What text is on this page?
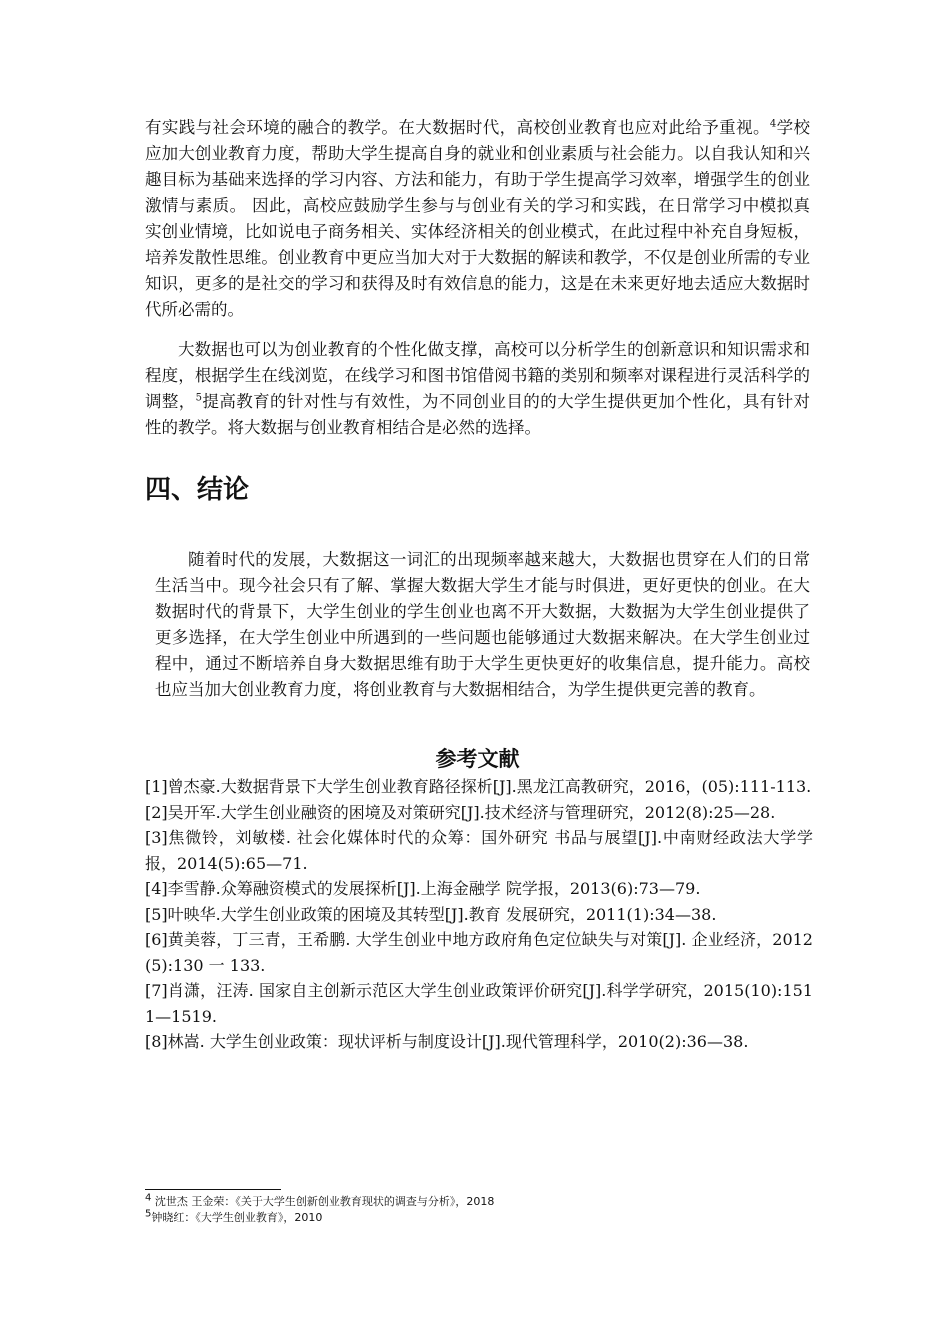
有实践与社会环境的融合的教学。在大数据时代，高校创业教育也应对此给予重视。$^4$学校应加大创业教育力度，帮助大学生提高自身的就业和创业素质与社会能力。以自我认知和兴趣目标为基础来选择的学习内容、方法和能力，有助于学生提高学习效率，增强学生的创业激情与素质。 因此，高校应鼓励学生参与与创业有关的学习和实践，在日常学习中模拟真实创业情境，比如说电子商务相关、实体经济相关的创业模式，在此过程中补充自身短板，培养发散性思维。创业教育中更应当加大对于大数据的解读和教学，不仅是创业所需的专业知识，更多的是社交的学习和获得及时有效信息的能力，这是在未来更好地去适应大数据时代所必需的。

大数据也可以为创业教育的个性化做支撑，高校可以分析学生的创新意识和知识需求和程度，根据学生在线浏览，在线学习和图书馆借阅书籍的类别和频率对课程进行灵活科学的调整，$^5$提高教育的针对性与有效性，为不同创业目的的大学生提供更加个性化，具有针对性的教学。将大数据与创业教育相结合是必然的选择。

四、结论

随着时代的发展，大数据这一词汇的出现频率越来越大，大数据也贯穿在人们的日常生活当中。现今社会只有了解、掌握大数据大学生才能与时俱进，更好更快的创业。在大数据时代的背景下，大学生创业的学生创业也离不开大数据，大数据为大学生创业提供了更多选择，在大学生创业中所遇到的一些问题也能够通过大数据来解决。在大学生创业过程中，通过不断培养自身大数据思维有助于大学生更快更好的收集信息，提升能力。高校也应当加大创业教育力度，将创业教育与大数据相结合，为学生提供更完善的教育。

参考文献
[1]曾杰豪.大数据背景下大学生创业教育路径探析[J].黑龙江高教研究，2016，(05):111-113.
[2]吴开军.大学生创业融资的困境及对策研究[J].技术经济与管理研究，2012(8):25—28.
[3]焦微铃，刘敏楼. 社会化媒体时代的众筹：国外研究 书品与展望[J].中南财经政法大学学报，2014(5):65—71.
[4]李雪静.众筹融资模式的发展探析[J].上海金融学 院学报，2013(6):73—79.
[5]叶映华.大学生创业政策的困境及其转型[J].教育 发展研究，2011(1):34—38.
[6]黄美蓉，丁三青，王希鹏. 大学生创业中地方政府角色定位缺失与对策[J]. 企业经济，2012(5):130 一 133.
[7]肖潇，汪涛. 国家自主创新示范区大学生创业政策评价研究[J].科学学研究，2015(10):1511—1519.
[8]林嵩. 大学生创业政策：现状评析与制度设计[J].现代管理科学，2010(2):36—38.
$^4$ 沈世杰 王金荣：《关于大学生创新创业教育现状的调查与分析》，2018
$^5$钟晓红：《大学生创业教育》，2010
